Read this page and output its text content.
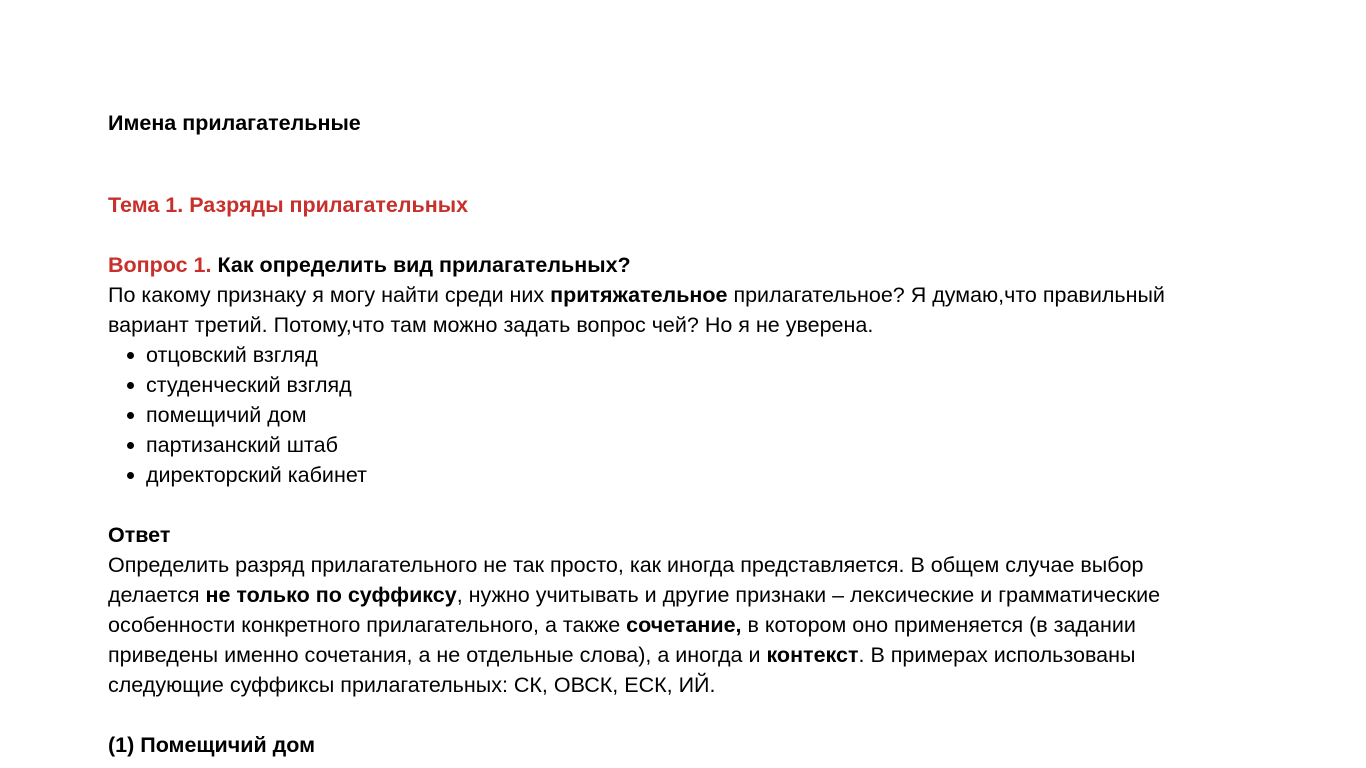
Имена прилагательные
Тема 1. Разряды прилагательных

Вопрос 1. Как определить вид прилагательных?

По какому признаку я могу найти среди них притяжательное прилагательное? Я думаю,что правильный вариант третий. Потому,что там можно задать вопрос чей? Но я не уверена.

отцовский взгляд
студенческий взгляд
помещичий дом
партизанский штаб
директорский кабинет

Ответ

Определить разряд прилагательного не так просто, как иногда представляется. В общем случае выбор делается не только по суффиксу, нужно учитывать и другие признаки – лексические и грамматические особенности конкретного прилагательного, а также сочетание, в котором оно применяется (в задании приведены именно сочетания, а не отдельные слова), а иногда и контекст. В примерах использованы следующие суффиксы прилагательных: СК, ОВСК, ЕСК, ИЙ.

(1) Помещичий дом
